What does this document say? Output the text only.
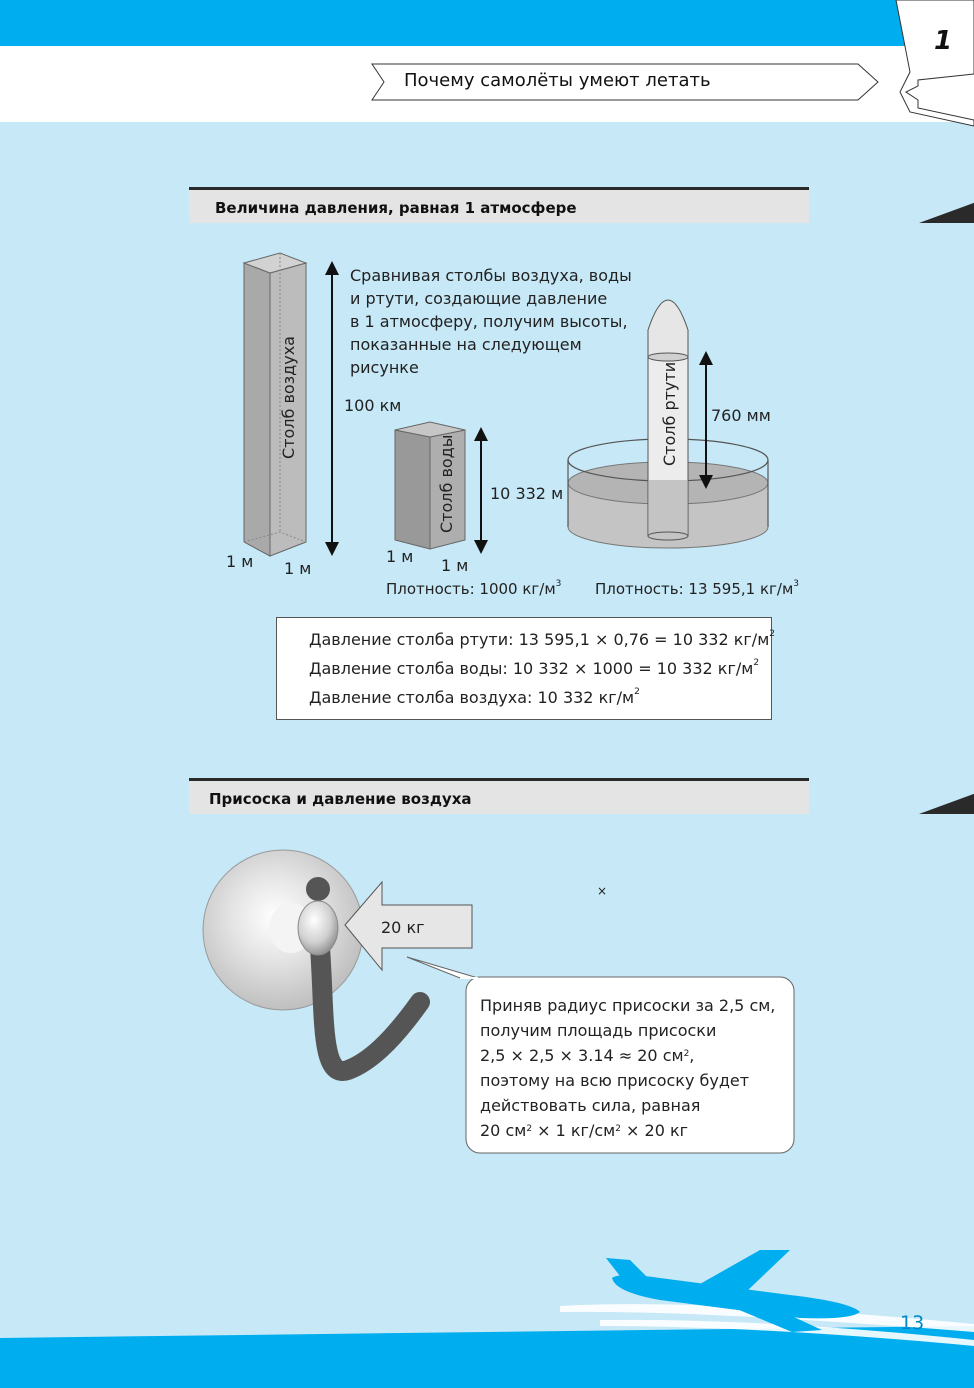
1
Почему самолёты умеют летать
Величина давления, равная 1 атмосфере
Сравнивая столбы воздуха, воды
и ртути, создающие давление
в 1 атмосферу, получим высоты,
показанные на следующем
рисунке
Столб воздуха	100 км
1 м 1 м
Столб воды 10 332 м
1 м 1 м
Столб ртути 760 мм
Плотность: 1000 $кг/м^3$ Плотность: 13 595,1 $кг/м^3$
Давление столба ртути: 13 595,1 × 0,76 = 10 332 $кг/м^2$
Давление столба воды: 10 332 × 1000 = 10 332 $кг/м^2$
Давление столба воздуха: 10 332 $кг/м^2$
Присоска и давление воздуха
20 кг
×
Приняв радиус присоски за 2,5 см,
получим площадь присоски
2,5 × 2,5 × 3.14 ≈ 20 $см^2$,
поэтому на всю присоску будет
действовать сила, равная
20 $см^2 \times 1$ $кг/см^2 \times 20$ кг
13
